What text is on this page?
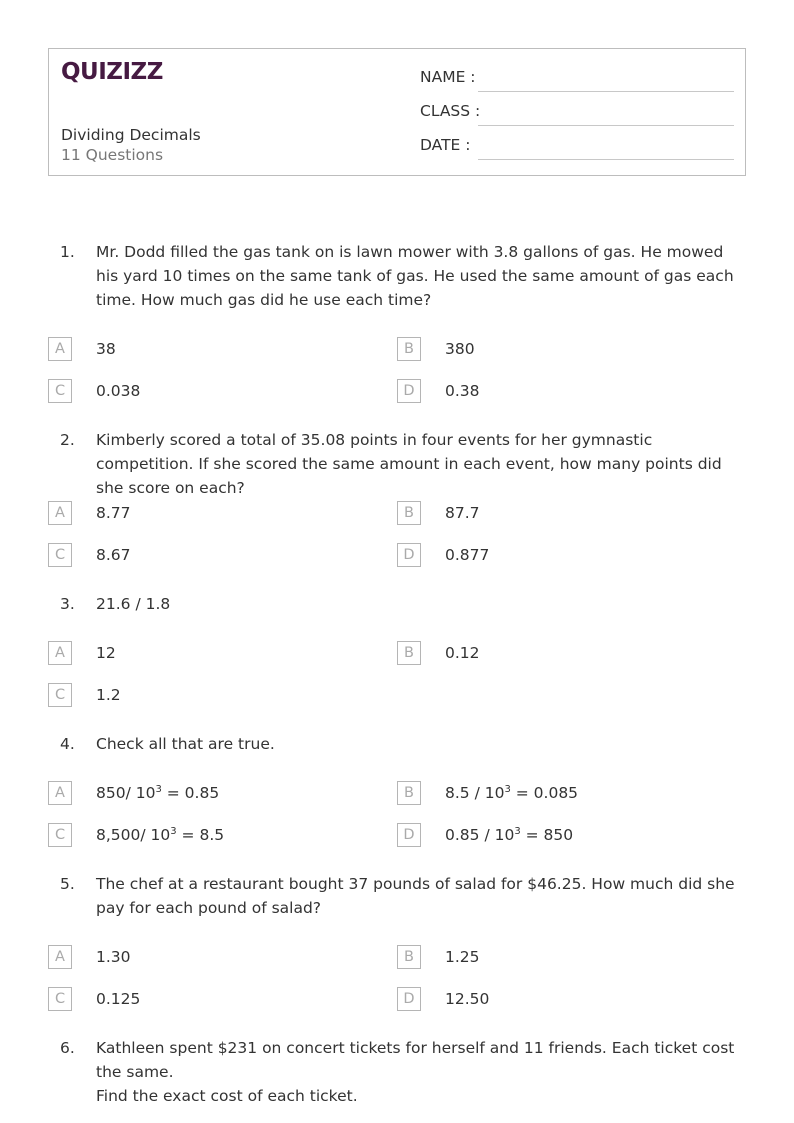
QUIZIZZ
Dividing Decimals
11 Questions
NAME :
CLASS :
DATE :
1. Mr. Dodd filled the gas tank on is lawn mower with 3.8 gallons of gas. He mowed his yard 10 times on the same tank of gas. He used the same amount of gas each time. How much gas did he use each time?
A	38	B	380
C	0.038	D	0.38
2. Kimberly scored a total of 35.08 points in four events for her gymnastic competition. If she scored the same amount in each event, how many points did she score on each?
A	8.77	B	87.7
C	8.67	D	0.877
3. 21.6 / 1.8
A	12	B	0.12
C	1.2
4. Check all that are true.
A	850/ $10^3 = 0.85$	B	$8.5 / 10^3 = 0.085$
C	8,500/ $10^3 = 8.5$	D	$0.85 / 10^3 = 850$
5. The chef at a restaurant bought 37 pounds of salad for $46.25. How much did she pay for each pound of salad?
A	1.30	B	1.25
C	0.125	D	12.50
6. Kathleen spent $231 on concert tickets for herself and 11 friends. Each ticket cost the same.
Find the exact cost of each ticket.
